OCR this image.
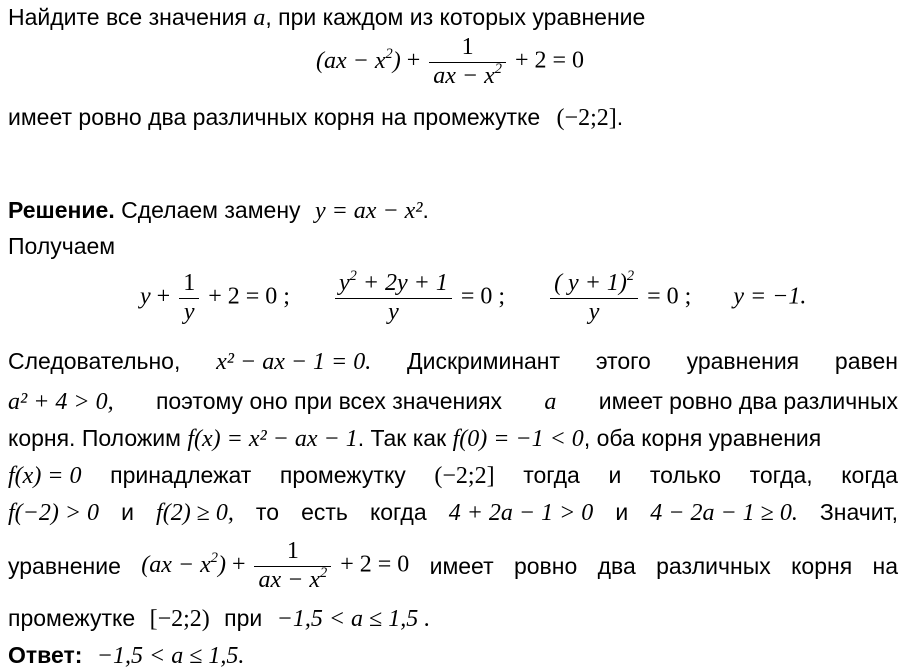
Найдите все значения a, при каждом из которых уравнение
$(ax - x^2) + \frac{1}{ax - x^2} + 2 = 0$
имеет ровно два различных корня на промежутке (−2;2].
Решение. Сделаем замену y = ax − x².
Получаем
$y + \frac{1}{y} + 2 = 0$ ; $\frac{y^2 + 2y + 1}{y} = 0$ ; $\frac{( y + 1)^2}{y} = 0$ ; y = −1.
Следовательно, x² − ax − 1 = 0. Дискриминант этого уравнения равен
a² + 4 > 0, поэтому оно при всех значениях a имеет ровно два различных
корня. Положим f(x) = x² − ax − 1. Так как f(0) = −1 < 0, оба корня уравнения
f(x) = 0 принадлежат промежутку (−2;2] тогда и только тогда, когда
f(−2) > 0 и f(2) ≥ 0, то есть когда 4 + 2a − 1 > 0 и 4 − 2a − 1 ≥ 0. Значит,
уравнение $(ax - x^2) + \frac{1}{ax - x^2} + 2 = 0$ имеет ровно два различных корня на
промежутке [−2;2) при −1,5 < a ≤ 1,5 .
Ответ: −1,5 < a ≤ 1,5.
